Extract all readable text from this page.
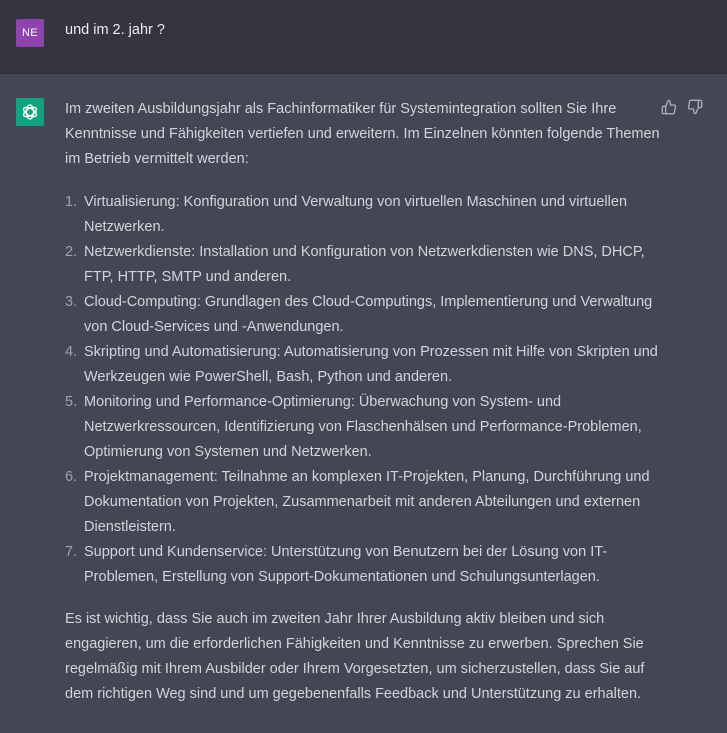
NE	und im 2. jahr ?

Im zweiten Ausbildungsjahr als Fachinformatiker für Systemintegration sollten Sie Ihre Kenntnisse und Fähigkeiten vertiefen und erweitern. Im Einzelnen könnten folgende Themen im Betrieb vermittelt werden:

1. Virtualisierung: Konfiguration und Verwaltung von virtuellen Maschinen und virtuellen Netzwerken.
2. Netzwerkdienste: Installation und Konfiguration von Netzwerkdiensten wie DNS, DHCP, FTP, HTTP, SMTP und anderen.
3. Cloud-Computing: Grundlagen des Cloud-Computings, Implementierung und Verwaltung von Cloud-Services und -Anwendungen.
4. Skripting und Automatisierung: Automatisierung von Prozessen mit Hilfe von Skripten und Werkzeugen wie PowerShell, Bash, Python und anderen.
5. Monitoring und Performance-Optimierung: Überwachung von System- und Netzwerkressourcen, Identifizierung von Flaschenhälsen und Performance-Problemen, Optimierung von Systemen und Netzwerken.
6. Projektmanagement: Teilnahme an komplexen IT-Projekten, Planung, Durchführung und Dokumentation von Projekten, Zusammenarbeit mit anderen Abteilungen und externen Dienstleistern.
7. Support und Kundenservice: Unterstützung von Benutzern bei der Lösung von IT-Problemen, Erstellung von Support-Dokumentationen und Schulungsunterlagen.

Es ist wichtig, dass Sie auch im zweiten Jahr Ihrer Ausbildung aktiv bleiben und sich engagieren, um die erforderlichen Fähigkeiten und Kenntnisse zu erwerben. Sprechen Sie regelmäßig mit Ihrem Ausbilder oder Ihrem Vorgesetzten, um sicherzustellen, dass Sie auf dem richtigen Weg sind und um gegebenenfalls Feedback und Unterstützung zu erhalten.
